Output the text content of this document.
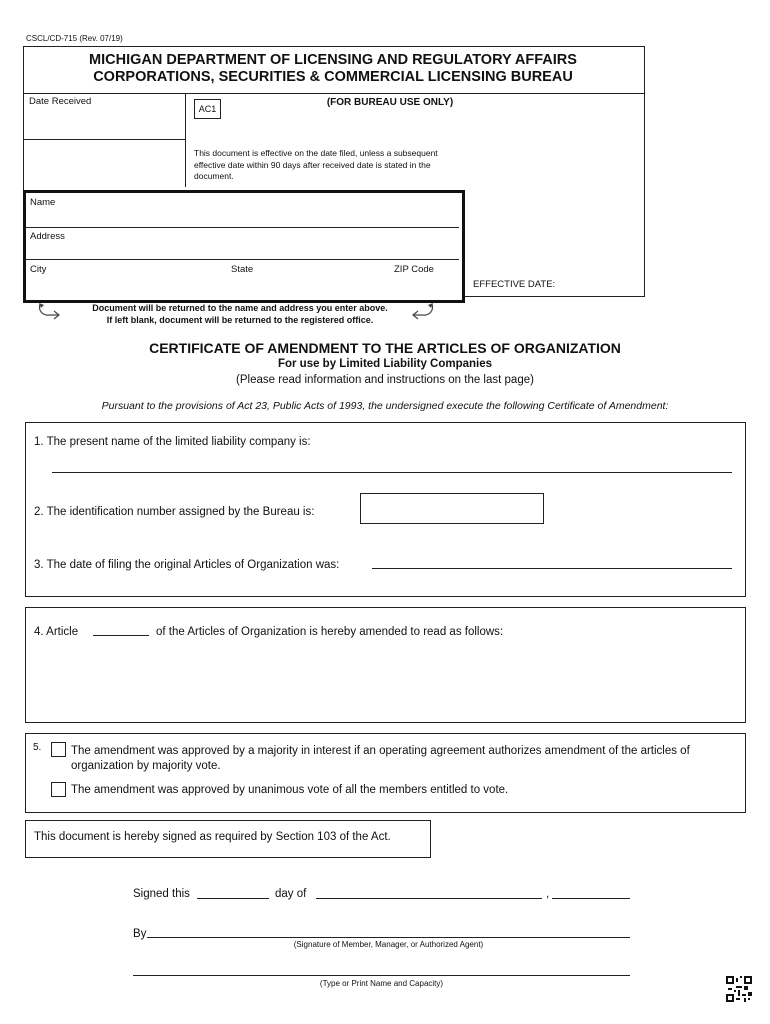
CSCL/CD-715 (Rev. 07/19)
MICHIGAN DEPARTMENT OF LICENSING AND REGULATORY AFFAIRS
CORPORATIONS, SECURITIES & COMMERCIAL LICENSING BUREAU
Date Received
AC1
(FOR BUREAU USE ONLY)
This document is effective on the date filed, unless a subsequent effective date within 90 days after received date is stated in the document.
EFFECTIVE DATE:
Name
Address
City	State	ZIP Code
Document will be returned to the name and address you enter above.
If left blank, document will be returned to the registered office.
CERTIFICATE OF AMENDMENT TO THE ARTICLES OF ORGANIZATION
For use by Limited Liability Companies
(Please read information and instructions on the last page)
Pursuant to the provisions of Act 23, Public Acts of 1993, the undersigned execute the following Certificate of Amendment:
1. The present name of the limited liability company is:
2. The identification number assigned by the Bureau is:
3. The date of filing the original Articles of Organization was:
4. Article	of the Articles of Organization is hereby amended to read as follows:
5.	The amendment was approved by a majority in interest if an operating agreement authorizes amendment of the articles of organization by majority vote.
The amendment was approved by unanimous vote of all the members entitled to vote.
This document is hereby signed as required by Section 103 of the Act.
Signed this	day of	,
By
(Signature of Member, Manager, or Authorized Agent)
(Type or Print Name and Capacity)
